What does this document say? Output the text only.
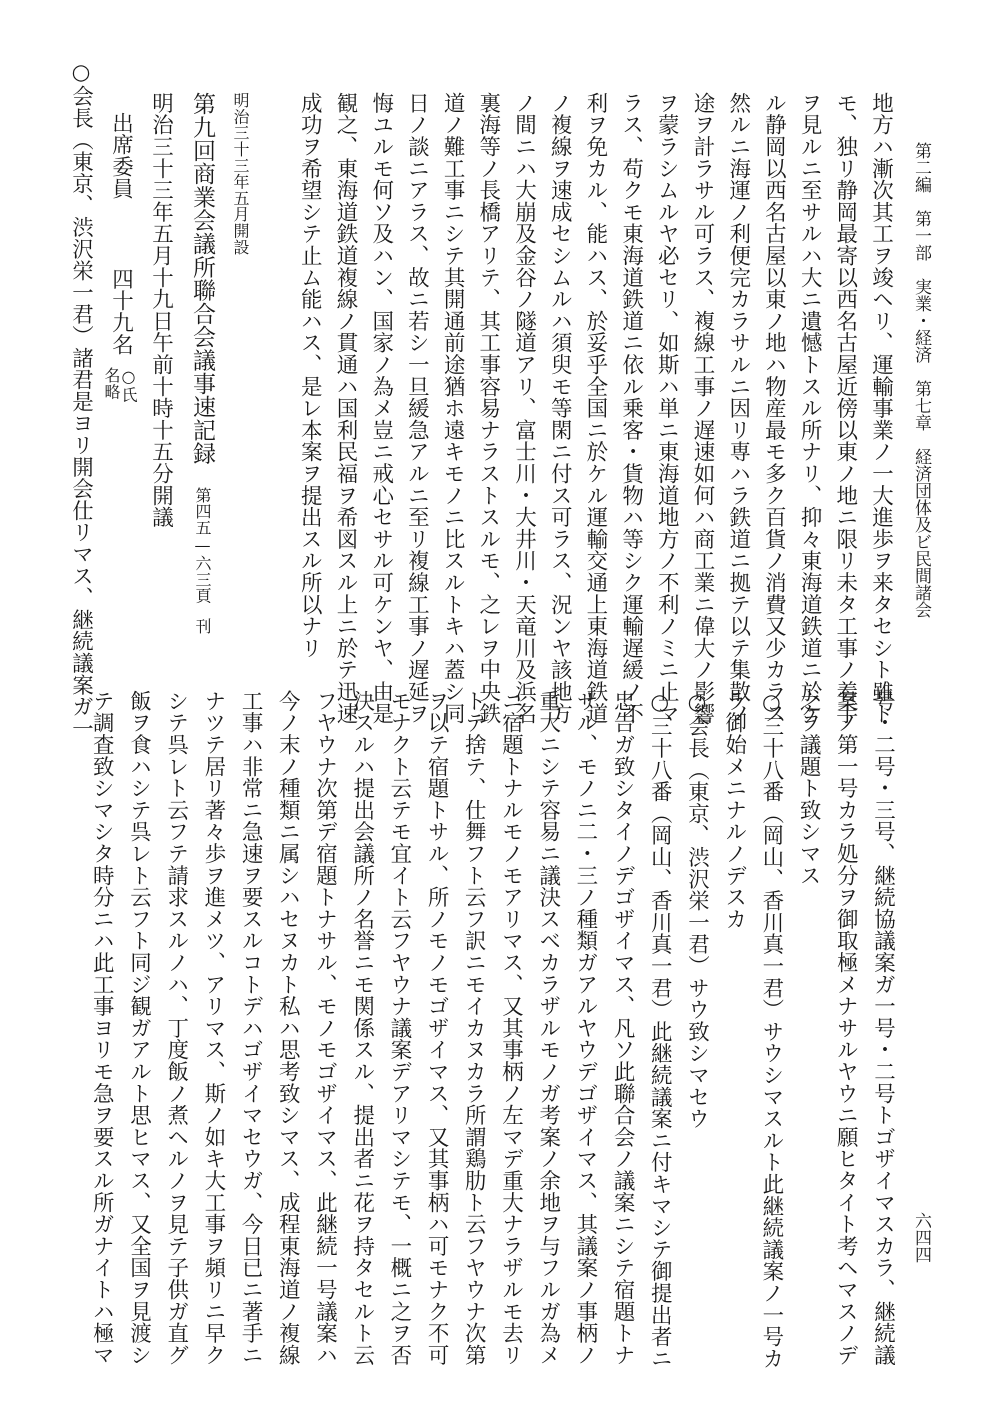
第二編　第一部　実業・経済　第七章　経済団体及ビ民間諸会
六四四
地方ハ漸次其工ヲ竣ヘリ、運輸事業ノ一大進歩ヲ来タセシト雖ト
モ、独リ静岡最寄以西名古屋近傍以東ノ地ニ限リ未タ工事ノ着手
ヲ見ルニ至サルハ大ニ遺憾トスル所ナリ、抑々東海道鉄道ニ於ケ
ル静岡以西名古屋以東ノ地ハ物産最モ多ク百貨ノ消費又少カラス
然ルニ海運ノ利便完カラサルニ因リ専ハラ鉄道ニ拠テ以テ集散ノ
途ヲ計ラサル可ラス、複線工事ノ遅速如何ハ商工業ニ偉大ノ影響
ヲ蒙ラシムルヤ必セリ、如斯ハ単ニ東海道地方ノ不利ノミニ止マ
ラス、苟クモ東海道鉄道ニ依ル乗客・貨物ハ等シク運輸遅緩ノ不
利ヲ免カル、能ハス、於妥乎全国ニ於ケル運輸交通上東海道鉄道
ノ複線ヲ速成セシムルハ須臾モ等閑ニ付ス可ラス、況ンヤ該地方
ノ間ニハ大崩及金谷ノ隧道アリ、富士川・大井川・天竜川及浜名
裏海等ノ長橋アリテ、其工事容易ナラストスルモ、之レヲ中央鉄
道ノ難工事ニシテ其開通前途猶ホ遠キモノニ比スルトキハ蓋シ同
日ノ談ニアラス、故ニ若シ一旦緩急アルニ至リ複線工事ノ遅延ヲ
悔ユルモ何ソ及ハン、国家ノ為メ豈ニ戒心セサル可ケンヤ、由是
観之、東海道鉄道複線ノ貫通ハ国利民福ヲ希図スル上ニ於テ迅速
成功ヲ希望シテ止ム能ハス、是レ本案ヲ提出スル所以ナリ
明治三十三年五月開設
第九回商業会議所聯合会議事速記録第四五—六三頁刊
明治三十三年五月十九日午前十時十五分開議
出席委員
四十九名
○氏
名略
○会長（東京、渋沢栄一君）諸君是ヨリ開会仕リマス、継続議案ガ一
号・二号・三号、継続協議案ガ一号・二号トゴザイマスカラ、継続議
案ノ第一号カラ処分ヲ御取極メナサルヤウニ願ヒタイト考ヘマスノデ
之ヲ議題ト致シマス
○三十八番（岡山、香川真一君）サウシマスルト此継続議案ノ一号カ
ラ御始メニナルノデスカ
○会長（東京、渋沢栄一君）サウ致シマセウ
○三十八番（岡山、香川真一君）此継続議案ニ付キマシテ御提出者ニ
忠告ガ致シタイノデゴザイマス、凡ソ此聯合会ノ議案ニシテ宿題トナ
サル、モノニ二・三ノ種類ガアルヤウデゴザイマス、其議案ノ事柄ノ
重大ニシテ容易ニ議決スベカラザルモノガ考案ノ余地ヲ与フルガ為メ
ニ宿題トナルモノモアリマス、又其事柄ノ左マデ重大ナラザルモ去リ
トテ捨テ、仕舞フト云フ訳ニモイカヌカラ所謂鶏肋ト云フヤウナ次第
ヲ以テ宿題トサル、所ノモノモゴザイマス、又其事柄ハ可モナク不可
モナクト云テモ宜イト云フヤウナ議案デアリマシテモ、一概ニ之ヲ否
決スルハ提出会議所ノ名誉ニモ関係スル、提出者ニ花ヲ持タセルト云
フヤウナ次第デ宿題トナサル、モノモゴザイマス、此継続一号議案ハ
今ノ末ノ種類ニ属シハセヌカト私ハ思考致シマス、成程東海道ノ複線
工事ハ非常ニ急速ヲ要スルコトデハゴザイマセウガ、今日已ニ著手ニ
ナツテ居リ著々歩ヲ進メツ、アリマス、斯ノ如キ大工事ヲ頻リニ早ク
シテ呉レト云フテ請求スルノハ、丁度飯ノ煮ヘルノヲ見テ子供ガ直グ
飯ヲ食ハシテ呉レト云フト同ジ観ガアルト思ヒマス、又全国ヲ見渡シ
テ調査致シマシタ時分ニハ此工事ヨリモ急ヲ要スル所ガナイトハ極マ
